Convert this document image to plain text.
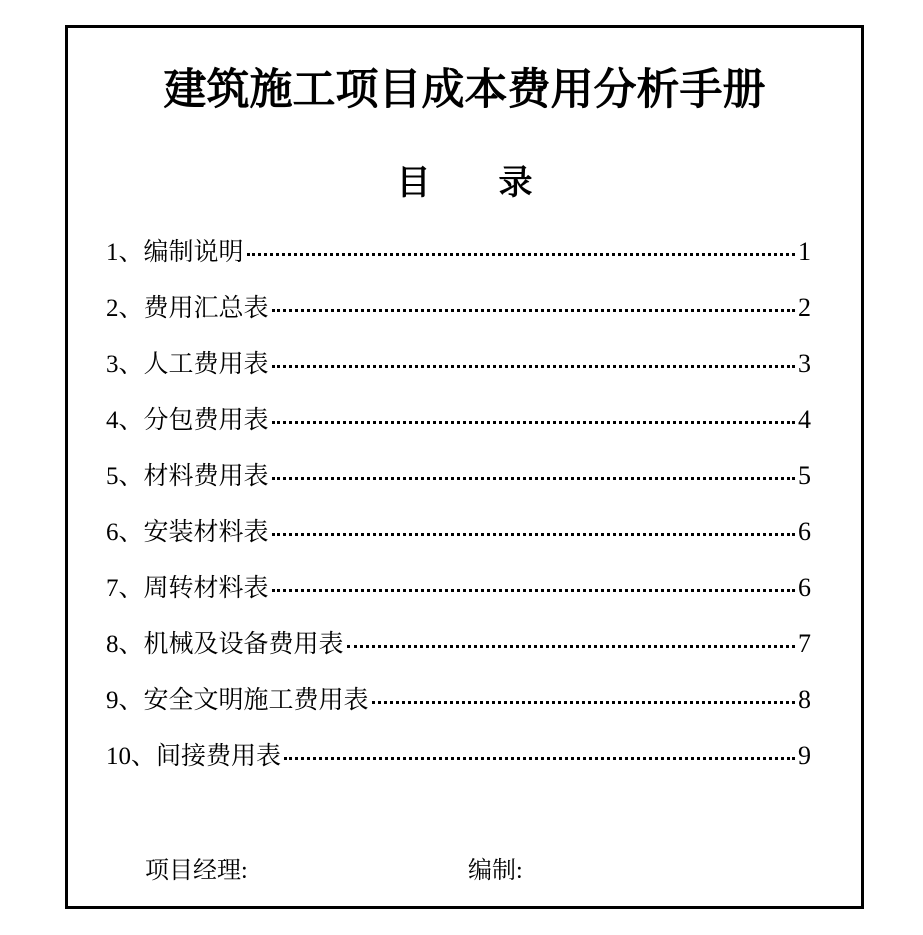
建筑施工项目成本费用分析手册
目　　录
1、编制说明	1
2、费用汇总表	2
3、人工费用表	3
4、分包费用表	4
5、材料费用表	5
6、安装材料表	6
7、周转材料表	6
8、机械及设备费用表	7
9、安全文明施工费用表	8
10、间接费用表	9
项目经理:	编制:
